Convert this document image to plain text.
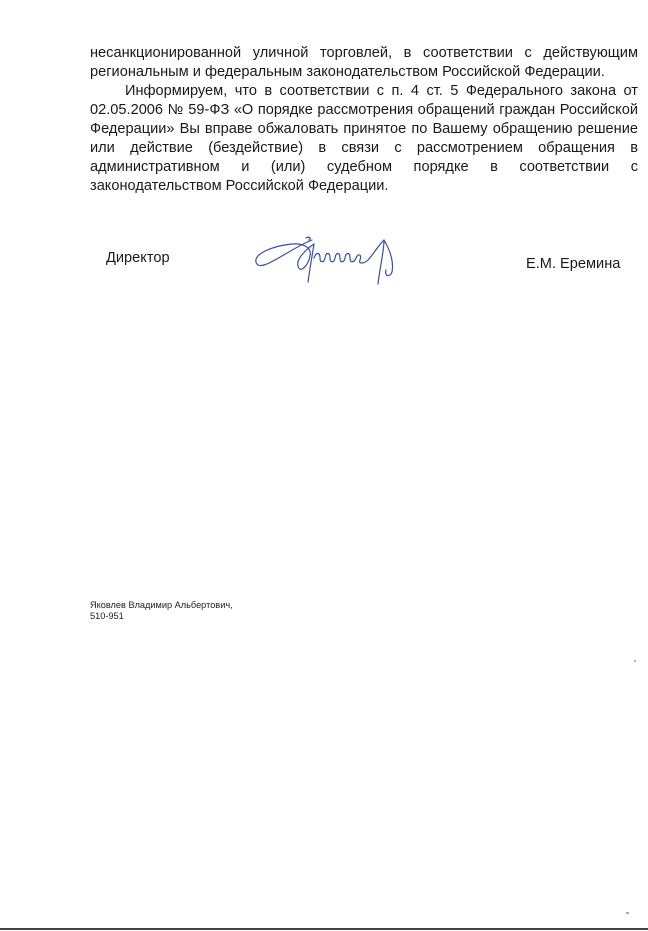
несанкционированной уличной торговлей, в соответствии с действующим региональным и федеральным законодательством Российской Федерации.

Информируем, что в соответствии с п. 4 ст. 5 Федерального закона от 02.05.2006 № 59-ФЗ «О порядке рассмотрения обращений граждан Российской Федерации» Вы вправе обжаловать принятое по Вашему обращению решение или действие (бездействие) в связи с рассмотрением обращения в административном и (или) судебном порядке в соответствии с законодательством Российской Федерации.

Директор	Е.М. Еремина
Яковлев Владимир Альбертович,
510-951
